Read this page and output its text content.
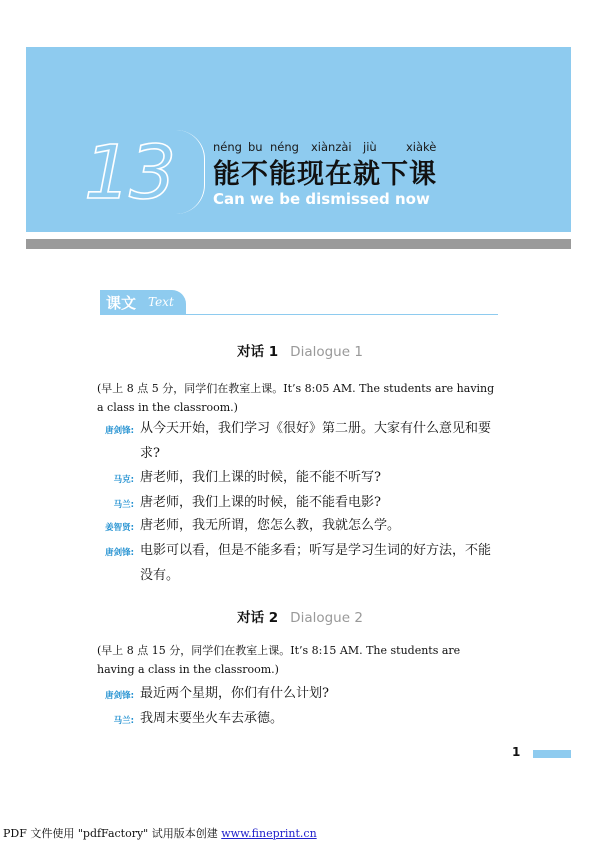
13	néng bu néng xiànzài jiù	xiàkè
能不能现在就下课
Can we be dismissed now
课文 Text
对话 1 Dialogue 1
(早上 8 点 5 分，同学们在教室上课。It’s 8:05 AM. The students are having a class in the classroom.)
唐剑锋: 从今天开始，我们学习《很好》第二册。大家有什么意见和要求?
马克: 唐老师，我们上课的时候，能不能不听写?
马兰: 唐老师，我们上课的时候，能不能看电影?
姜智贤: 唐老师，我无所谓，您怎么教，我就怎么学。
唐剑锋: 电影可以看，但是不能多看；听写是学习生词的好方法，不能没有。
对话 2 Dialogue 2
(早上 8 点 15 分，同学们在教室上课。It’s 8:15 AM. The students are having a class in the classroom.)
唐剑锋: 最近两个星期，你们有什么计划?
马兰: 我周末要坐火车去承德。
1
PDF 文件使用 "pdfFactory" 试用版本创建 www.fineprint.cn
